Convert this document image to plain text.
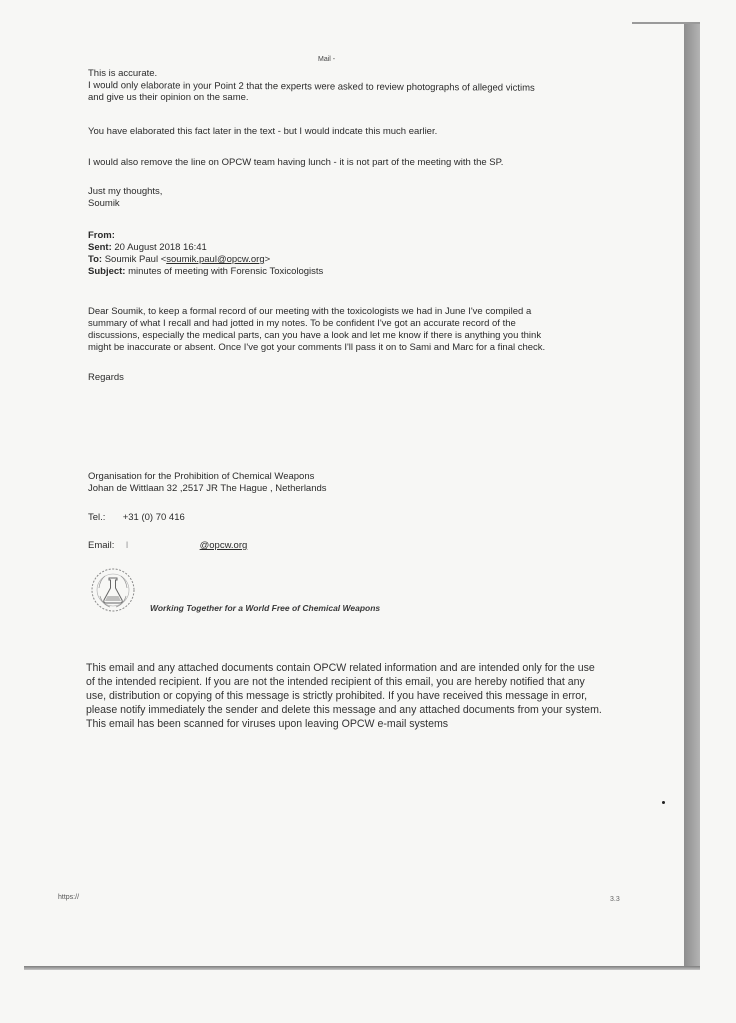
Mail -
This is accurate.
I would only elaborate in your Point 2 that the experts were asked to review photographs of alleged victims
and give us their opinion on the same.
You have elaborated this fact later in the text - but I would indcate this much earlier.
I would also remove the line on OPCW team having lunch - it is not part of the meeting with the SP.
Just my thoughts,
Soumik
From:
Sent: 20 August 2018 16:41
To: Soumik Paul <soumik.paul@opcw.org>
Subject: minutes of meeting with Forensic Toxicologists
Dear Soumik, to keep a formal record of our meeting with the toxicologists we had in June I've compiled a
summary of what I recall and had jotted in my notes. To be confident I've got an accurate record of the
discussions, especially the medical parts, can you have a look and let me know if there is anything you think
might be inaccurate or absent. Once I've got your comments I'll pass it on to Sami and Marc for a final check.
Regards
Organisation for the Prohibition of Chemical Weapons
Johan de Wittlaan 32 ,2517 JR The Hague , Netherlands
Tel.: +31 (0) 70 416
Email: I	@opcw.org
Working Together for a World Free of Chemical Weapons
This email and any attached documents contain OPCW related information and are intended only for the use of the intended recipient. If you are not the intended recipient of this email, you are hereby notified that any use, distribution or copying of this message is strictly prohibited. If you have received this message in error, please notify immediately the sender and delete this message and any attached documents from your system. This email has been scanned for viruses upon leaving OPCW e-mail systems
https://	3.3
